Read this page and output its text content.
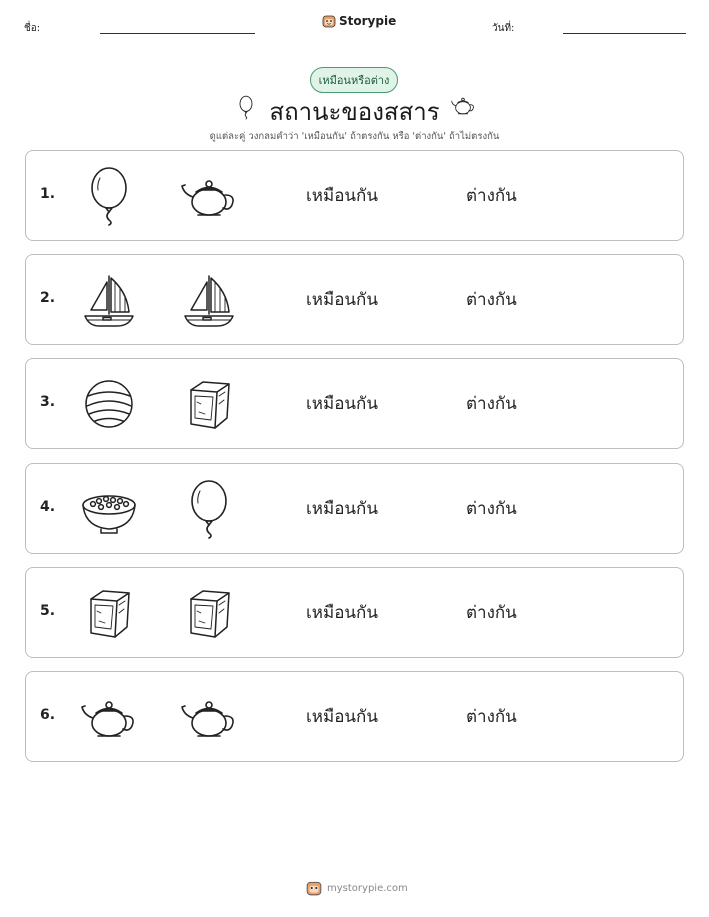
ชื่อ:
Storypie
วันที่:
เหมือนหรือต่าง
สถานะของสสาร
ดูแต่ละคู่ วงกลมคำว่า 'เหมือนกัน' ถ้าตรงกัน หรือ 'ต่างกัน' ถ้าไม่ตรงกัน
1.	เหมือนกัน	ต่างกัน
2.	เหมือนกัน	ต่างกัน
3.	เหมือนกัน	ต่างกัน
4.	เหมือนกัน	ต่างกัน
5.	เหมือนกัน	ต่างกัน
6.	เหมือนกัน	ต่างกัน
mystorypie.com
